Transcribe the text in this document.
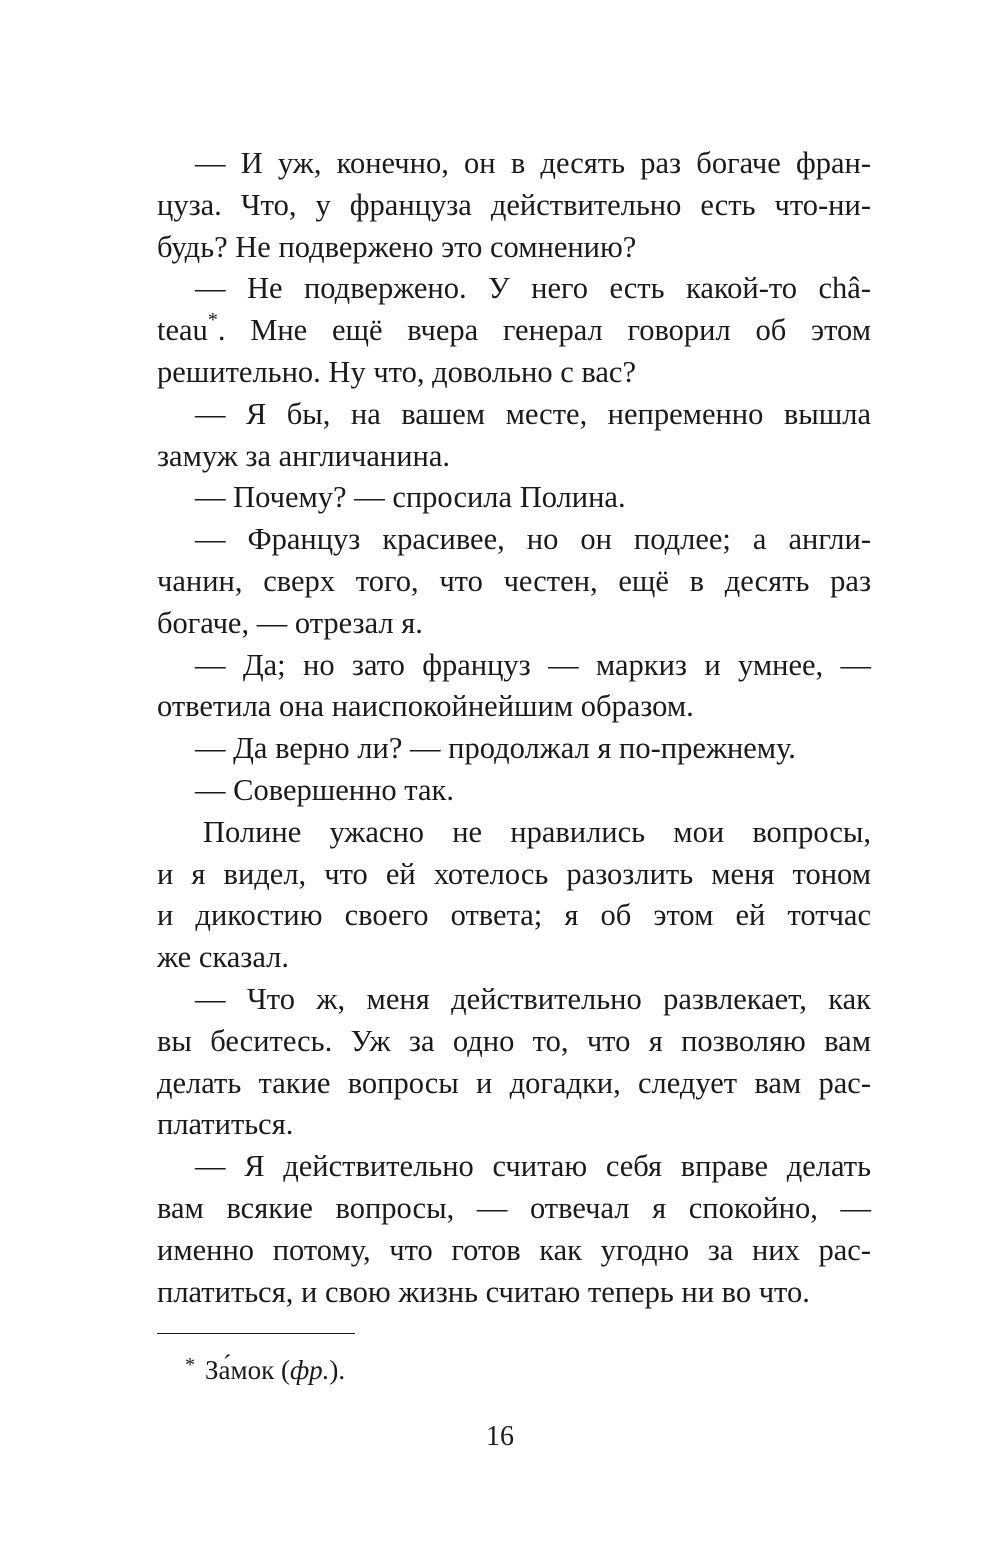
— И уж, конечно, он в десять раз богаче фран-
цуза. Что, у француза действительно есть что-ни-
будь? Не подвержено это сомнению?
— Не подвержено. У него есть какой-то châ-
teau*. Мне ещё вчера генерал говорил об этом
решительно. Ну что, довольно с вас?
— Я бы, на вашем месте, непременно вышла
замуж за англичанина.
— Почему? — спросила Полина.
— Француз красивее, но он подлее; а англи-
чанин, сверх того, что честен, ещё в десять раз
богаче, — отрезал я.
— Да; но зато француз — маркиз и умнее, —
ответила она наиспокойнейшим образом.
— Да верно ли? — продолжал я по-прежнему.
— Совершенно так.
Полине ужасно не нравились мои вопросы,
и я видел, что ей хотелось разозлить меня тоном
и дикостию своего ответа; я об этом ей тотчас
же сказал.
— Что ж, меня действительно развлекает, как
вы беситесь. Уж за одно то, что я позволяю вам
делать такие вопросы и догадки, следует вам рас-
платиться.
— Я действительно считаю себя вправе делать
вам всякие вопросы, — отвечал я спокойно, —
именно потому, что готов как угодно за них рас-
платиться, и свою жизнь считаю теперь ни во что.
* За́мок (фр.).
16
